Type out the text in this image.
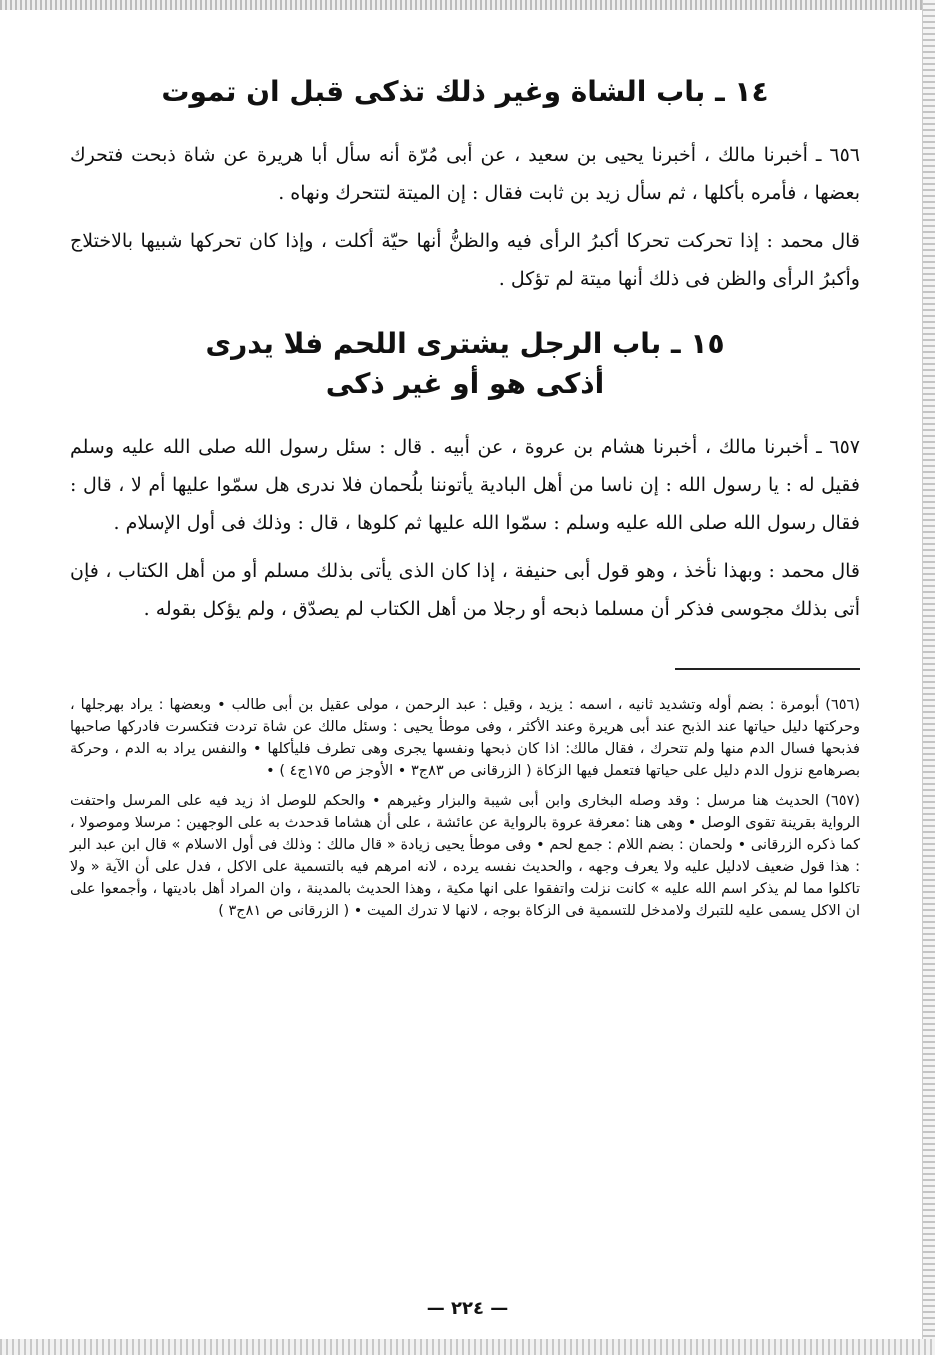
١٤ ـ باب الشاة وغير ذلك تذكى قبل ان تموت

٦٥٦ ـ أخبرنا مالك ، أخبرنا يحيى بن سعيد ، عن أبى مُرّة أنه سأل أبا هريرة عن شاة ذبحت فتحرك بعضها ، فأمره بأكلها ، ثم سأل زيد بن ثابت فقال : إن الميتة لتتحرك ونهاه .

قال محمد : إذا تحركت تحركا أكبرُ الرأى فيه والظنُّ أنها حيّة أكلت ، وإذا كان تحركها شبيها بالاختلاج وأكبرُ الرأى والظن فى ذلك أنها ميتة لم تؤكل .

١٥ ـ باب الرجل يشترى اللحم فلا يدرى
أذكى هو أو غير ذكى

٦٥٧ ـ أخبرنا مالك ، أخبرنا هشام بن عروة ، عن أبيه . قال : سئل رسول الله صلى الله عليه وسلم فقيل له : يا رسول الله : إن ناسا من أهل البادية يأتوننا بلُحمان فلا ندرى هل سمّوا عليها أم لا ، قال : فقال رسول الله صلى الله عليه وسلم : سمّوا الله عليها ثم كلوها ، قال : وذلك فى أول الإسلام .

قال محمد : وبهذا نأخذ ، وهو قول أبى حنيفة ، إذا كان الذى يأتى بذلك مسلم أو من أهل الكتاب ، فإن أتى بذلك مجوسى فذكر أن مسلما ذبحه أو رجلا من أهل الكتاب لم يصدّق ، ولم يؤكل بقوله .

(٦٥٦) أبومرة : بضم أوله وتشديد ثانيه ، اسمه : يزيد ، وقيل : عبد الرحمن ، مولى عقيل بن أبى طالب • وبعضها : يراد بهرجلها ، وحركتها دليل حياتها عند الذبح عند أبى هريرة وعند الأكثر ، وفى موطأ يحيى : وسئل مالك عن شاة تردت فتكسرت فادركها صاحبها فذبحها فسال الدم منها ولم تتحرك ، فقال مالك: اذا كان ذبحها ونفسها يجرى وهى تطرف فليأكلها • والنفس يراد به الدم ، وحركة بصرهامع نزول الدم دليل على حياتها فتعمل فيها الزكاة ( الزرقانى ص ٨٣ج٣ • الأوجز ص ١٧٥ج٤ ) •

(٦٥٧) الحديث هنا مرسل : وقد وصله البخارى وابن أبى شيبة والبزار وغيرهم • والحكم للوصل اذ زيد فيه على المرسل واحتفت الرواية بقرينة تقوى الوصل • وهى هنا :معرفة عروة بالرواية عن عائشة ، على أن هشاما قدحدث به على الوجهين : مرسلا وموصولا ، كما ذكره الزرقانى • ولحمان : بضم اللام : جمع لحم • وفى موطأ يحيى زيادة « قال مالك : وذلك فى أول الاسلام » قال ابن عبد البر : هذا قول ضعيف لادليل عليه ولا يعرف وجهه ، والحديث نفسه يرده ، لانه امرهم فيه بالتسمية على الاكل ، فدل على أن الآية « ولا تاكلوا مما لم يذكر اسم الله عليه » كانت نزلت واتفقوا على انها مكية ، وهذا الحديث بالمدينة ، وان المراد أهل باديتها ، وأجمعوا على ان الاكل يسمى عليه للتبرك ولامدخل للتسمية فى الزكاة بوجه ، لانها لا تدرك الميت • ( الزرقانى ص ٨١ج٣ )

— ٢٢٤ —
